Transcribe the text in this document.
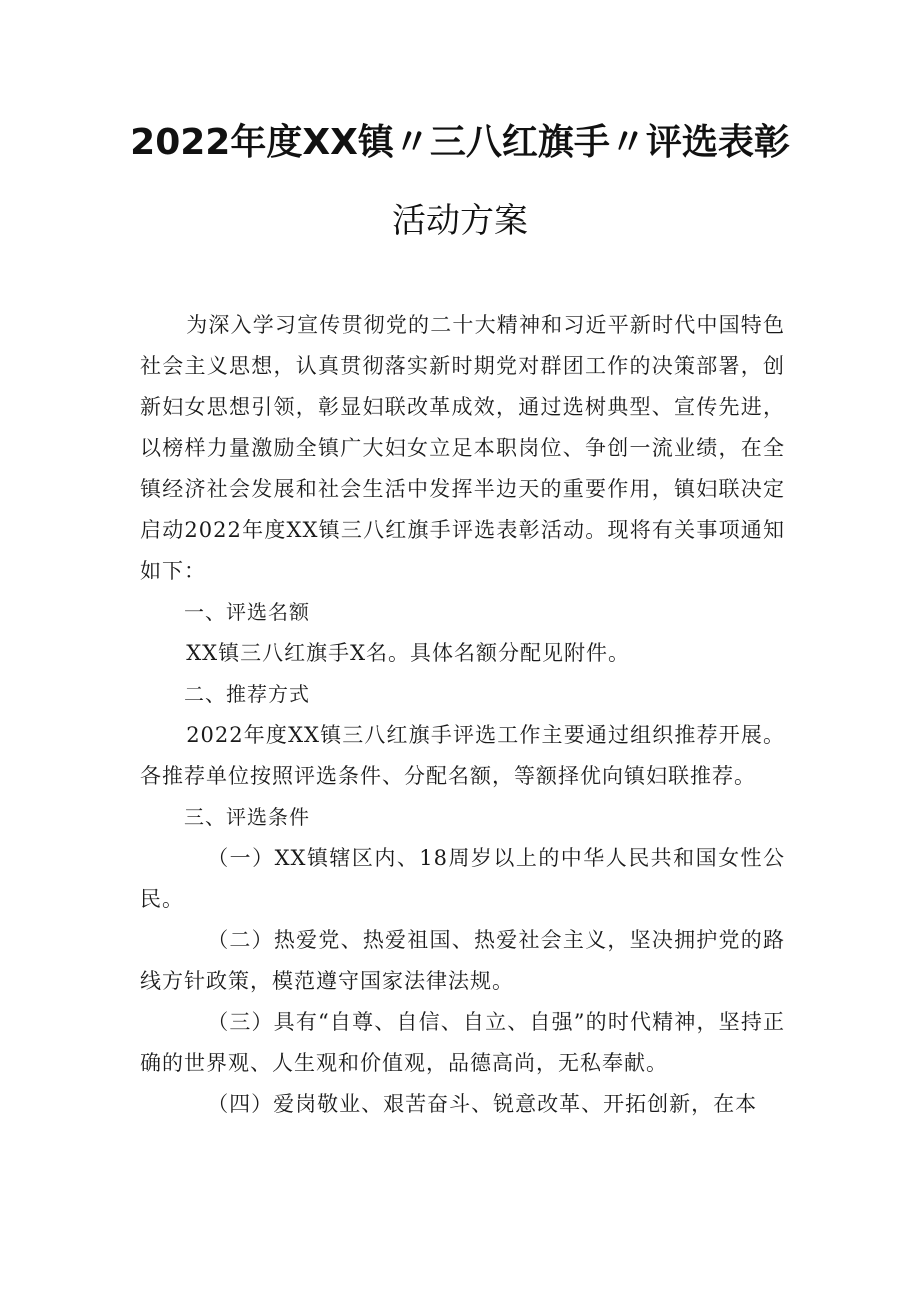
2022年度XX镇〃三八红旗手〃评选表彰
活动方案

为深入学习宣传贯彻党的二十大精神和习近平新时代中国特色社会主义思想，认真贯彻落实新时期党对群团工作的决策部署，创新妇女思想引领，彰显妇联改革成效，通过选树典型、宣传先进，以榜样力量激励全镇广大妇女立足本职岗位、争创一流业绩，在全镇经济社会发展和社会生活中发挥半边天的重要作用，镇妇联决定启动2022年度XX镇三八红旗手评选表彰活动。现将有关事项通知如下：

一、评选名额

XX镇三八红旗手X名。具体名额分配见附件。

二、推荐方式

2022年度XX镇三八红旗手评选工作主要通过组织推荐开展。各推荐单位按照评选条件、分配名额，等额择优向镇妇联推荐。

三、评选条件

（一）XX镇辖区内、18周岁以上的中华人民共和国女性公民。

（二）热爱党、热爱祖国、热爱社会主义，坚决拥护党的路线方针政策，模范遵守国家法律法规。

（三）具有“自尊、自信、自立、自强”的时代精神，坚持正确的世界观、人生观和价值观，品德高尚，无私奉献。

（四）爱岗敬业、艰苦奋斗、锐意改革、开拓创新，在本
